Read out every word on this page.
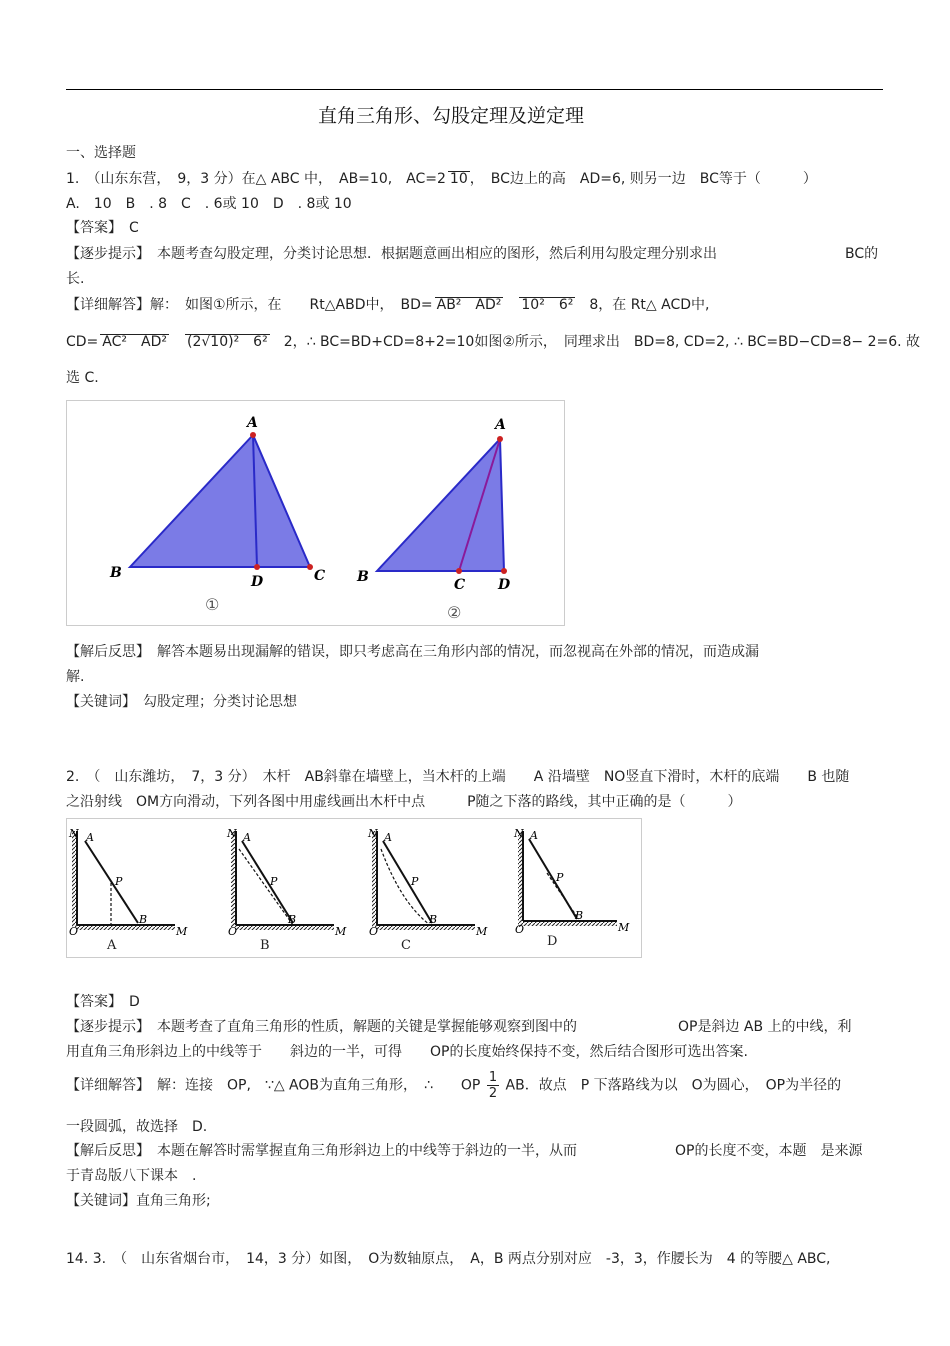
直角三角形、勾股定理及逆定理
一、选择题
1.　（山东东营，　9，3 分）在△ ABC 中，　AB=10,　AC=2 10 ，　BC边上的高　AD=6, 则另一边　BC等于（　　　）
A.　10　B　. 8　C　. 6或 10　D　. 8或 10
【答案】　C
【逐步提示】　本题考查勾股定理，分类讨论思想．根据题意画出相应的图形，然后利用勾股定理分别求出	BC的
长.
【详细解答】解：　如图①所示，在　　Rt△ABD中，　BD= AB²　AD²　 10²　6²　 8，在 Rt△ ACD中,
CD= AC²　AD²　 (2√10)²　6²　 2，∴ BC=BD+CD=8+2=10如图②所示，　同理求出　BD=8, CD=2, ∴ BC=BD−CD=8− 2=6. 故
选 C.
A
B
D	C
A
B	C D
①	②
【解后反思】　解答本题易出现漏解的错误，即只考虑高在三角形内部的情况，而忽视高在外部的情况，而造成漏
解.
【关键词】　勾股定理；分类讨论思想
2.　（　山东潍坊，　7，3 分）　木杆　AB斜靠在墙壁上，当木杆的上端　　A 沿墙壁　NO竖直下滑时，木杆的底端　　B 也随
之沿射线　OM方向滑动，下列各图中用虚线画出木杆中点　　　P随之下落的路线，其中正确的是（　　　）
N A
P
B
O	M
N A
P
B
O	M
N A
P
B
O	M
N A
P
B
O	M
A	B	C	D
【答案】　D
【逐步提示】　本题考查了直角三角形的性质，解题的关键是掌握能够观察到图中的	OP是斜边 AB 上的中线，利
用直角三角形斜边上的中线等于　　斜边的一半，可得　　OP的长度始终保持不变，然后结合图形可选出答案.
【详细解答】　解：连接　OP,　∵△ AOB为直角三角形，　∴　　OP $\frac{1}{2}$ AB．故点　P 下落路线为以　O为圆心，　OP为半径的
一段圆弧，故选择　D.
【解后反思】　本题在解答时需掌握直角三角形斜边上的中线等于斜边的一半，从而	OP的长度不变，本题　是来源
于青岛版八下课本　.
【关键词】直角三角形;
14. 3.　（　山东省烟台市，　14，3 分）如图，　O为数轴原点，　A，B 两点分别对应　-3，3，作腰长为　4 的等腰△ ABC,
